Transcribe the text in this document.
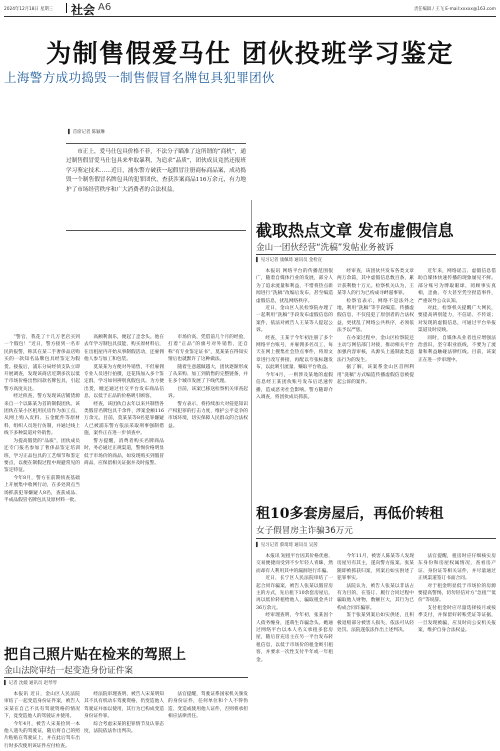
2024年12月18日 星期三 社会 A6	责任编辑 / 王飞 E-mail:xxxxx@163.com
为制售假爱马仕 团伙投班学习鉴定
上海警方成功捣毁一制售假冒名牌包具犯罪团伙
▌ 首席记者 陈颖琳
市正上，爱马仕包具价格不菲，不法分子瞄准了这所谓的“商机”，通过制售假冒爱马仕包具来牟取暴利，为追求“品质”，团伙成员竟然还报班学习鉴定技术……近日，浦东警方破获一起假冒注册商标商品案，成功捣毁一个制售假冒名牌包具的犯罪团伙，查获涉案商品116万余元，有力地护了市场经营秩序和广大消费者的合法权益。

“警官，我花了十几万老店买到一个假包！”近日，警方接到一名市民的报警，称其在某二手奢侈品店购买的一款知名品牌包具经鉴定为假货。接报后，浦东分局经侦支队立即开展调查，发现该商店近期多次以低于市场价格出售同款名牌包具，引起警方高度关注。

经过侦查，警方发现该店铺货源来自一个以陈某为首的制假团伙。该团伙在某小区租用民房作为加工点，从网上购入皮料、五金配件等原材料，组织人员进行仿制，并通过线上线下多种渠道对外销售。

为提高假货的“品质”，团伙成员还专门报名参加了奢侈品鉴定培训班，学习正品包具的工艺细节和鉴定要点，以便在制假过程中规避常见的鉴定特征。

今年8月，警方在前期侦查基础上开展集中收网行动，在多处窝点当场抓获犯罪嫌疑人8名，查获成品、半成品假冒名牌包具及原材料一批。

高额利润乐，便起了歪念头。他在去年学习制包具技能，购买原材料后，在出租屋内开始从事制假活动，还雇佣他人参与加工和包装。

莫某某为方便对外销售，不但雇佣专业人员进行拍摄，还花钱加入多个鉴定群，学习如何辨别真假包具。为方便出货，她还通过社交平台发布商品信息，以低于正品的价格吸引顾客。

经查，该团伙自去年以来共制售各类假冒名牌包具千余件，涉案金额116万余元。目前，莫某某等8名犯罪嫌疑人已被浦东警方依法采取刑事强制措施，案件正在进一步侦查中。

警方提醒，消费者购买名牌商品时，务必通过正规渠道，警惕价格明显低于市场价的商品，如发现购买到假冒商品，应保留相关证据并及时报警。

市场价高，凭借前几个月的经验，打着“正品”的旗号对外销售，还自称“有专业鉴定证书”，莫某某在得知实情后也就默许了这种做法。

随着生意越做越大，团伙逐渐形成了从采购、加工到销售的完整链条，并在多个城市发展了下线代理。

目前，该案已移送检察机关审查起诉。

警方表示，将持续加大对侵犯知识产权犯罪的打击力度，维护公平竞争的市场环境，切实保障人民群众的合法权益。

截取热点文章 发布虚假信息
金山一团伙经营“洗稿”发帖业务被诉
▌ 见习记者 康佩琦 通讯员 金检宣

本报讯 网络平台的传播范围很广，随着自媒体行业的发展，部分人为了追求流量和利益，不惜将热点新闻进行“洗稿”改编后发布，甚至编造虚假信息，扰乱网络秩序。

近日，金山区人民检察院办理了一起利用“洗稿”手段发布虚假信息的案件，依法对被告人王某等人提起公诉。

经查，王某于今年初注册了多个网络平台账号，并雇佣多名员工，每天在网上搜集社会热点事件，将原文章进行改写拼接，再配以夸张标题发布，以此吸引流量、赚取平台收益。

今年4月，一则涉及某地的虚假信息经王某团伙账号发布后迅速传播，造成恶劣社会影响。警方随即介入调查，将团伙成员抓获。

经审查，该团伙共发布各类文章两万余篇，其中虚假信息数百条，累计获利数十万元。检察机关认为，王某等人的行为已构成寻衅滋事罪。

检察官表示，网络不是法外之地，利用“洗稿”等手段编造、传播虚假信息，不仅侵犯了原创者的合法权益，更扰乱了网络公共秩序，必须依法予以严惩。

在办案过程中，金山区检察院还主动与网信部门对接，推动相关平台加强内容审核，从源头上遏制此类违法行为的发生。

据了解，该案系金山区首例利用“洗稿”方式编造传播虚假信息被提起公诉的案件。

近年来，网络谣言、虚假信息借助自媒体快速传播的现象屡见不鲜。部分账号为博取眼球，罔顾事实真相，歪曲、夸大甚至凭空捏造事件，严重误导公众认知。

对此，检察机关提醒广大网民，要提高辨别能力，不信谣、不传谣；对发现的虚假信息，可通过平台举报渠道及时反映。

同时，自媒体从业者也应增强法治意识，坚守职业底线，不要为了流量和利益触碰法律红线。目前，该案正在进一步审理中。

租10多套房屋后，再低价转租
女子假冒房主诈骗36万元
▌ 见习记者 蔡琦琦 通讯员 吴茜

本报讯 短租平台因其价格优惠、交易便捷而受到不少年轻人青睐，然而却有人利用其中的漏洞进行诈骗。

近日，长宁区人民法院审结了一起合同诈骗案，被告人张某以假冒房主的方式，先后租下10余套房屋后，再以低价转租给他人，骗取租金共计36万余元。

经审理查明，今年初，张某因个人债务缠身，遂萌生诈骗念头。她通过网络平台以本人名义承租多套房屋，随后冒充房主在另一平台发布转租信息，以低于市场价的租金吸引租客，并要求一次性支付半年或一年租金。

今年11月，被害人陈某等人发现房屋另有其主，遂向警方报案。张某随即被抓获归案，到案后如实供述了犯罪事实。

法院认为，被告人张某以非法占有为目的，在签订、履行合同过程中骗取他人财物，数额巨大，其行为已构成合同诈骗罪。

鉴于张某到案后如实供述，且积极退赔部分被害人损失，依法可从轻处罚。法院遂依法作出上述判决。

法官提醒，租房时应仔细核实房东身份和房屋权属情况，查看房产证、身份证等相关证件，并尽量通过正规渠道签订书面合同。

对于租金明显低于市场价的房源要提高警惕，切勿轻信对方“急租”“低价”等说辞。

支付租金时应尽量选择按月或按季支付，并保留好转账凭证等证据，一旦发现被骗，应及时向公安机关报案，维护自身合法权益。

把自己照片贴在检来的驾照上
金山法院审结一起变造身份证件案
▌ 记者 沈媛 通讯员 赵琴琴

本报讯 近日，金山区人民法院审结了一起变造身份证件案，被告人宋某在自己不具有驾驶资格的情况下，竟变造他人的驾驶证并使用。

今年4月，被告人宋某捡到一本他人遗失的驾驶证，随后将自己的照片粘贴在驾驶证上，并在此后驾车出行时多次使用该证件应付检查。

经法院审理查明，被告人宋某明知其不具有机动车驾驶资格，仍变造他人驾驶证并加以使用，其行为已构成变造身份证件罪。

综合考虑宋某的犯罪情节及认罪态度，法院依法作出判决。

法官提醒，驾驶证系国家机关颁发的身份证件，任何单位和个人不得伪造、变造或使用他人证件，否则将承担相应法律责任。
